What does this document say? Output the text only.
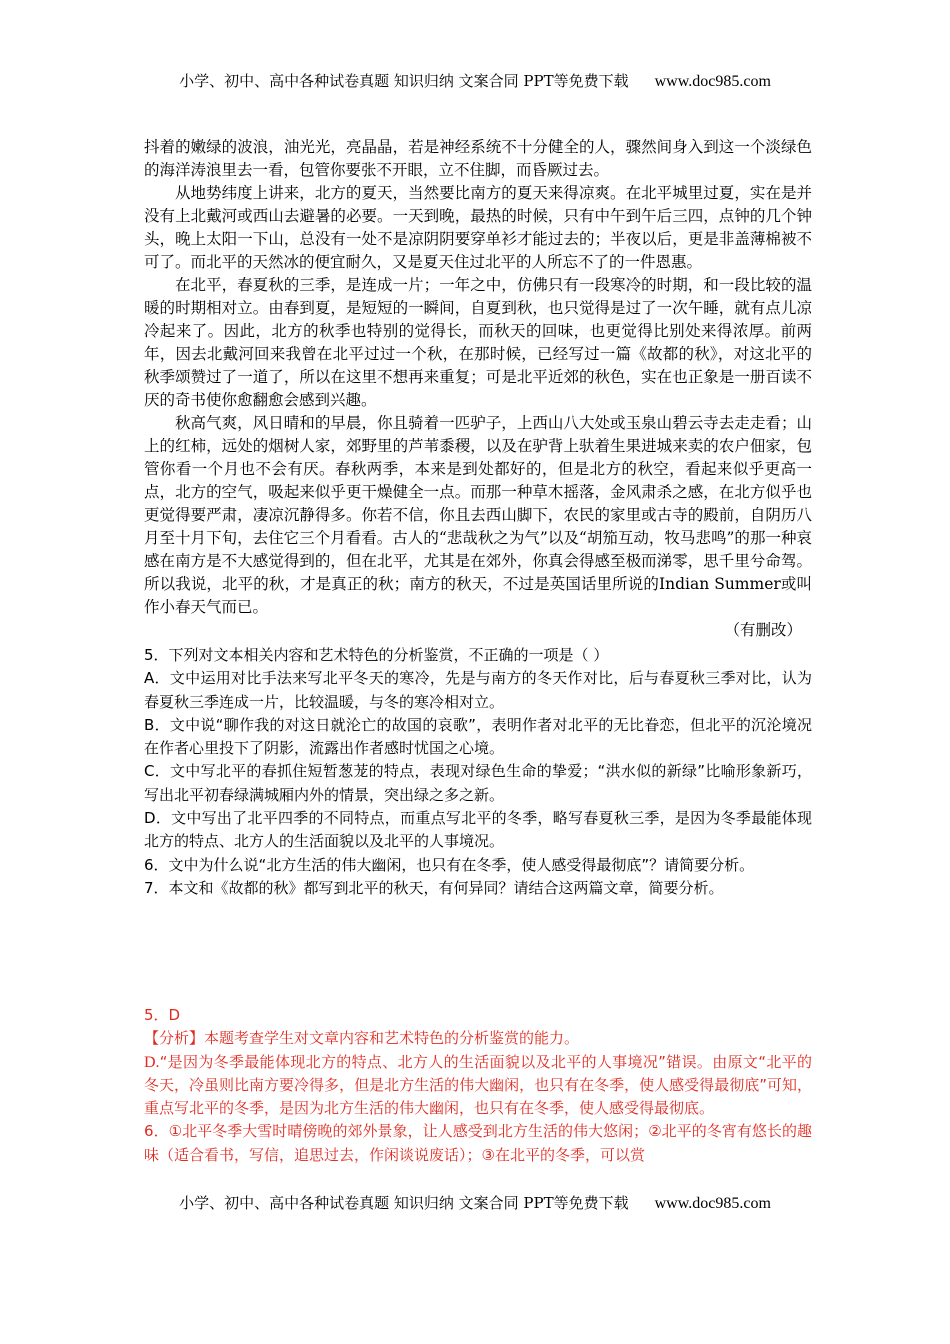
小学、初中、高中各种试卷真题 知识归纳 文案合同 PPT等免费下载 www.doc985.com

抖着的嫩绿的波浪，油光光，亮晶晶，若是神经系统不十分健全的人，骤然间身入到这一个淡绿色的海洋涛浪里去一看，包管你要张不开眼，立不住脚，而昏厥过去。

从地势纬度上讲来，北方的夏天，当然要比南方的夏天来得凉爽。在北平城里过夏，实在是并没有上北戴河或西山去避暑的必要。一天到晚，最热的时候，只有中午到午后三四，点钟的几个钟头，晚上太阳一下山，总没有一处不是凉阴阴要穿单衫才能过去的；半夜以后，更是非盖薄棉被不可了。而北平的天然冰的便宜耐久，又是夏天住过北平的人所忘不了的一件恩惠。

在北平，春夏秋的三季，是连成一片；一年之中，仿佛只有一段寒冷的时期，和一段比较的温暖的时期相对立。由春到夏，是短短的一瞬间，自夏到秋，也只觉得是过了一次午睡，就有点儿凉冷起来了。因此，北方的秋季也特别的觉得长，而秋天的回味，也更觉得比别处来得浓厚。前两年，因去北戴河回来我曾在北平过过一个秋，在那时候，已经写过一篇《故都的秋》，对这北平的秋季颂赞过了一道了，所以在这里不想再来重复；可是北平近郊的秋色，实在也正象是一册百读不厌的奇书使你愈翻愈会感到兴趣。

秋高气爽，风日晴和的早晨，你且骑着一匹驴子，上西山八大处或玉泉山碧云寺去走走看；山上的红柿，远处的烟树人家，郊野里的芦苇黍稷，以及在驴背上驮着生果进城来卖的农户佃家，包管你看一个月也不会有厌。春秋两季，本来是到处都好的，但是北方的秋空，看起来似乎更高一点，北方的空气，吸起来似乎更干燥健全一点。而那一种草木摇落，金风肃杀之感，在北方似乎也更觉得要严肃，凄凉沉静得多。你若不信，你且去西山脚下，农民的家里或古寺的殿前，自阴历八月至十月下旬，去住它三个月看看。古人的“悲哉秋之为气”以及“胡笳互动，牧马悲鸣”的那一种哀感在南方是不大感觉得到的，但在北平，尤其是在郊外，你真会得感至极而涕零，思千里兮命驾。所以我说，北平的秋，才是真正的秋；南方的秋天，不过是英国话里所说的Indian Summer或叫作小春天气而已。

（有删改）

5．下列对文本相关内容和艺术特色的分析鉴赏，不正确的一项是（ ）

A．文中运用对比手法来写北平冬天的寒冷，先是与南方的冬天作对比，后与春夏秋三季对比，认为春夏秋三季连成一片，比较温暖，与冬的寒冷相对立。

B．文中说“聊作我的对这日就沦亡的故国的哀歌”，表明作者对北平的无比眷恋，但北平的沉沦境况在作者心里投下了阴影，流露出作者感时忧国之心境。

C．文中写北平的春抓住短暂葱茏的特点，表现对绿色生命的挚爱；“洪水似的新绿”比喻形象新巧，写出北平初春绿满城厢内外的情景，突出绿之多之新。

D．文中写出了北平四季的不同特点，而重点写北平的冬季，略写春夏秋三季，是因为冬季最能体现北方的特点、北方人的生活面貌以及北平的人事境况。

6．文中为什么说“北方生活的伟大幽闲，也只有在冬季，使人感受得最彻底”？请简要分析。

7．本文和《故都的秋》都写到北平的秋天，有何异同？请结合这两篇文章，简要分析。

5．D

【分析】本题考查学生对文章内容和艺术特色的分析鉴赏的能力。

D.“是因为冬季最能体现北方的特点、北方人的生活面貌以及北平的人事境况”错误。由原文“北平的冬天，冷虽则比南方要冷得多，但是北方生活的伟大幽闲，也只有在冬季，使人感受得最彻底”可知，重点写北平的冬季，是因为北方生活的伟大幽闲，也只有在冬季，使人感受得最彻底。

6．①北平冬季大雪时晴傍晚的郊外景象，让人感受到北方生活的伟大悠闲；②北平的冬宵有悠长的趣味（适合看书，写信，追思过去，作闲谈说废话）；③在北平的冬季，可以赏

小学、初中、高中各种试卷真题 知识归纳 文案合同 PPT等免费下载 www.doc985.com
